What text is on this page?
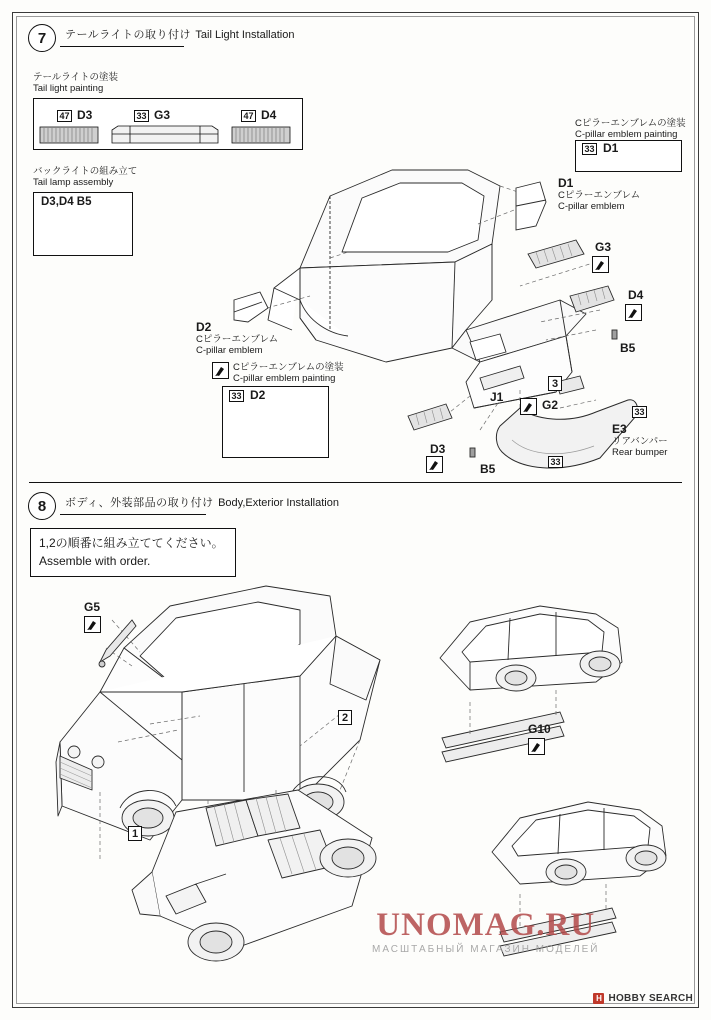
7	テールライトの取り付け Tail Light Installation
テールライトの塗装
Tail light painting
47 D3	33 G3	47 D4
バックライトの組み立て
Tail lamp assembly
D3,D4 B5
Cピラーエンブレムの塗装
C-pillar emblem painting
33 D1
Cピラーエンブレムの塗装
C-pillar emblem painting
33 D2
D1
Cピラーエンブレム
C-pillar emblem
D2
Cピラーエンブレム
C-pillar emblem
G3
D4
B5
D3
B5
J1
3
G2	33
33
E3
リアバンパー
Rear bumper
8	ボディ、外装部品の取り付け Body,Exterior Installation
1,2の順番に組み立ててください。 Assemble with order.
G5
G10
1
2
UNOMAG.RU
МАСШТАБНЫЙ МАГАЗИН МОДЕЛЕЙ
H HOBBY SEARCH
